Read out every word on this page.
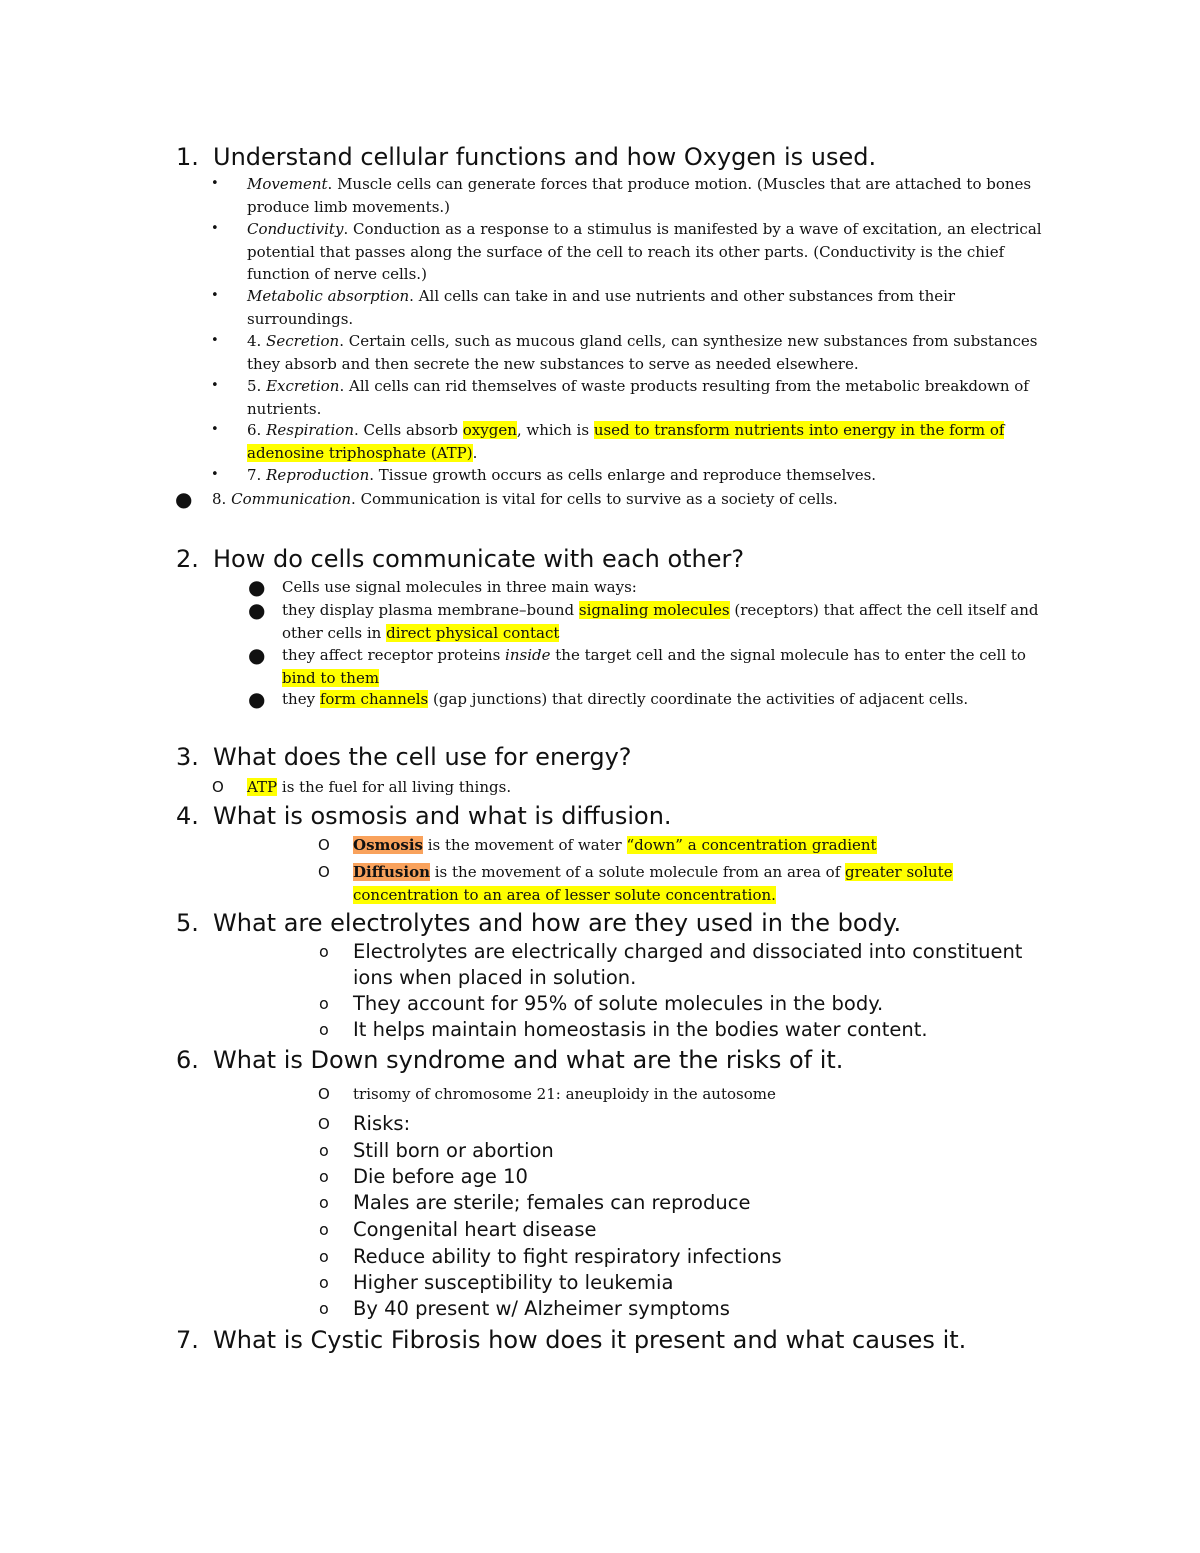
1. Understand cellular functions and how Oxygen is used.
• Movement. Muscle cells can generate forces that produce motion. (Muscles that are attached to bones produce limb movements.)
• Conductivity. Conduction as a response to a stimulus is manifested by a wave of excitation, an electrical potential that passes along the surface of the cell to reach its other parts. (Conductivity is the chief function of nerve cells.)
• Metabolic absorption. All cells can take in and use nutrients and other substances from their surroundings.
• 4. Secretion. Certain cells, such as mucous gland cells, can synthesize new substances from substances they absorb and then secrete the new substances to serve as needed elsewhere.
• 5. Excretion. All cells can rid themselves of waste products resulting from the metabolic breakdown of nutrients.
• 6. Respiration. Cells absorb oxygen, which is used to transform nutrients into energy in the form of adenosine triphosphate (ATP).
• 7. Reproduction. Tissue growth occurs as cells enlarge and reproduce themselves.
● 8. Communication. Communication is vital for cells to survive as a society of cells.
2. How do cells communicate with each other?
● Cells use signal molecules in three main ways:
● they display plasma membrane–bound signaling molecules (receptors) that affect the cell itself and other cells in direct physical contact
● they affect receptor proteins inside the target cell and the signal molecule has to enter the cell to bind to them
● they form channels (gap junctions) that directly coordinate the activities of adjacent cells.
3. What does the cell use for energy?
O ATP is the fuel for all living things.
4. What is osmosis and what is diffusion.
O Osmosis is the movement of water “down” a concentration gradient
O Diffusion is the movement of a solute molecule from an area of greater solute concentration to an area of lesser solute concentration.
5. What are electrolytes and how are they used in the body.
o Electrolytes are electrically charged and dissociated into constituent ions when placed in solution.
o They account for 95% of solute molecules in the body.
o It helps maintain homeostasis in the bodies water content.
6. What is Down syndrome and what are the risks of it.
O trisomy of chromosome 21: aneuploidy in the autosome
O Risks:
o Still born or abortion
o Die before age 10
o Males are sterile; females can reproduce
o Congenital heart disease
o Reduce ability to fight respiratory infections
o Higher susceptibility to leukemia
o By 40 present w/ Alzheimer symptoms
7. What is Cystic Fibrosis how does it present and what causes it.
